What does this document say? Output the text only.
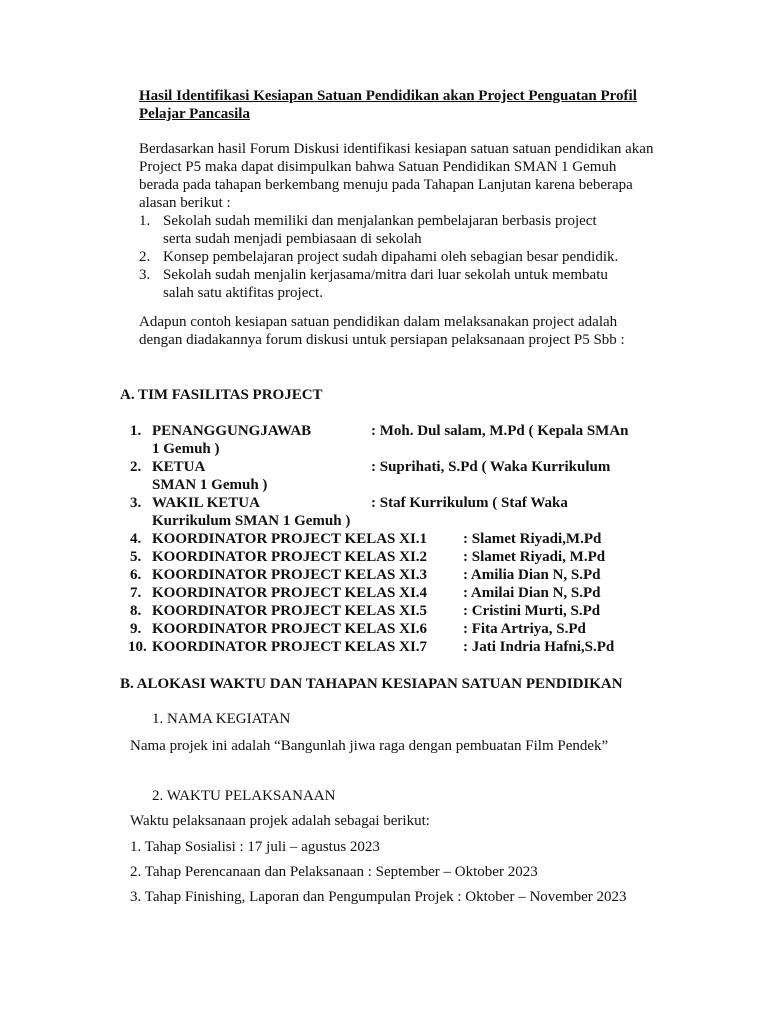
Hasil Identifikasi Kesiapan Satuan Pendidikan akan Project Penguatan Profil
Pelajar Pancasila
Berdasarkan hasil Forum Diskusi identifikasi kesiapan satuan satuan pendidikan akan
Project P5 maka dapat disimpulkan bahwa Satuan Pendidikan SMAN 1 Gemuh
berada pada tahapan berkembang menuju pada Tahapan Lanjutan karena beberapa
alasan berikut :
1. Sekolah sudah memiliki dan menjalankan pembelajaran berbasis project
serta sudah menjadi pembiasaan di sekolah
2. Konsep pembelajaran project sudah dipahami oleh sebagian besar pendidik.
3. Sekolah sudah menjalin kerjasama/mitra dari luar sekolah untuk membatu
salah satu aktifitas project.
Adapun contoh kesiapan satuan pendidikan dalam melaksanakan project adalah
dengan diadakannya forum diskusi untuk persiapan pelaksanaan project P5 Sbb :
A. TIM FASILITAS PROJECT
1. PENANGGUNGJAWAB	: Moh. Dul salam, M.Pd ( Kepala SMAn
1 Gemuh )
2. KETUA	: Suprihati, S.Pd ( Waka Kurrikulum
SMAN 1 Gemuh )
3. WAKIL KETUA	: Staf Kurrikulum ( Staf Waka
Kurrikulum SMAN 1 Gemuh )
4. KOORDINATOR PROJECT KELAS XI.1 : Slamet Riyadi,M.Pd
5. KOORDINATOR PROJECT KELAS XI.2 : Slamet Riyadi, M.Pd
6. KOORDINATOR PROJECT KELAS XI.3 : Amilia Dian N, S.Pd
7. KOORDINATOR PROJECT KELAS XI.4 : Amilai Dian N, S.Pd
8. KOORDINATOR PROJECT KELAS XI.5 : Cristini Murti, S.Pd
9. KOORDINATOR PROJECT KELAS XI.6 : Fita Artriya, S.Pd
10. KOORDINATOR PROJECT KELAS XI.7 : Jati Indria Hafni,S.Pd
B. ALOKASI WAKTU DAN TAHAPAN KESIAPAN SATUAN PENDIDIKAN
1. NAMA KEGIATAN
Nama projek ini adalah “Bangunlah jiwa raga dengan pembuatan Film Pendek”
2. WAKTU PELAKSANAAN
Waktu pelaksanaan projek adalah sebagai berikut:
1. Tahap Sosialisi : 17 juli – agustus 2023
2. Tahap Perencanaan dan Pelaksanaan : September – Oktober 2023
3. Tahap Finishing, Laporan dan Pengumpulan Projek : Oktober – November 2023
